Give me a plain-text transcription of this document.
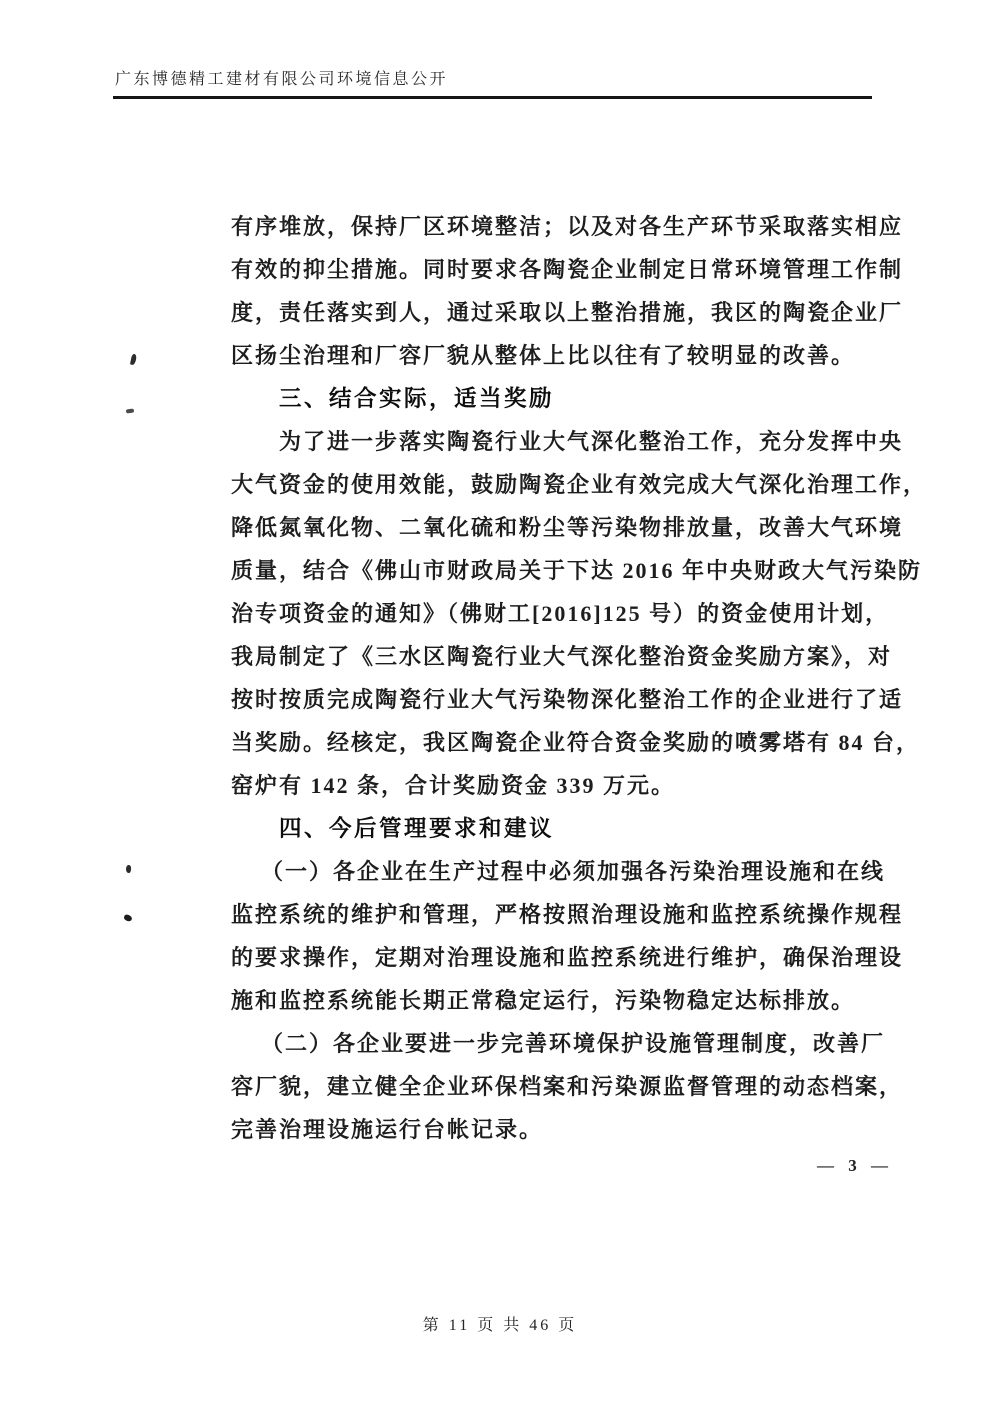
广东博德精工建材有限公司环境信息公开
有序堆放，保持厂区环境整洁；以及对各生产环节采取落实相应
有效的抑尘措施。同时要求各陶瓷企业制定日常环境管理工作制
度，责任落实到人，通过采取以上整治措施，我区的陶瓷企业厂
区扬尘治理和厂容厂貌从整体上比以往有了较明显的改善。
三、结合实际，适当奖励
为了进一步落实陶瓷行业大气深化整治工作，充分发挥中央
大气资金的使用效能，鼓励陶瓷企业有效完成大气深化治理工作，
降低氮氧化物、二氧化硫和粉尘等污染物排放量，改善大气环境
质量，结合《佛山市财政局关于下达 2016 年中央财政大气污染防
治专项资金的通知》（佛财工[2016]125 号）的资金使用计划，
我局制定了《三水区陶瓷行业大气深化整治资金奖励方案》，对
按时按质完成陶瓷行业大气污染物深化整治工作的企业进行了适
当奖励。经核定，我区陶瓷企业符合资金奖励的喷雾塔有 84 台，
窑炉有 142 条，合计奖励资金 339 万元。
四、今后管理要求和建议
（一）各企业在生产过程中必须加强各污染治理设施和在线
监控系统的维护和管理，严格按照治理设施和监控系统操作规程
的要求操作，定期对治理设施和监控系统进行维护，确保治理设
施和监控系统能长期正常稳定运行，污染物稳定达标排放。
（二）各企业要进一步完善环境保护设施管理制度，改善厂
容厂貌，建立健全企业环保档案和污染源监督管理的动态档案，
完善治理设施运行台帐记录。
— 3 —
第 11 页 共 46 页
